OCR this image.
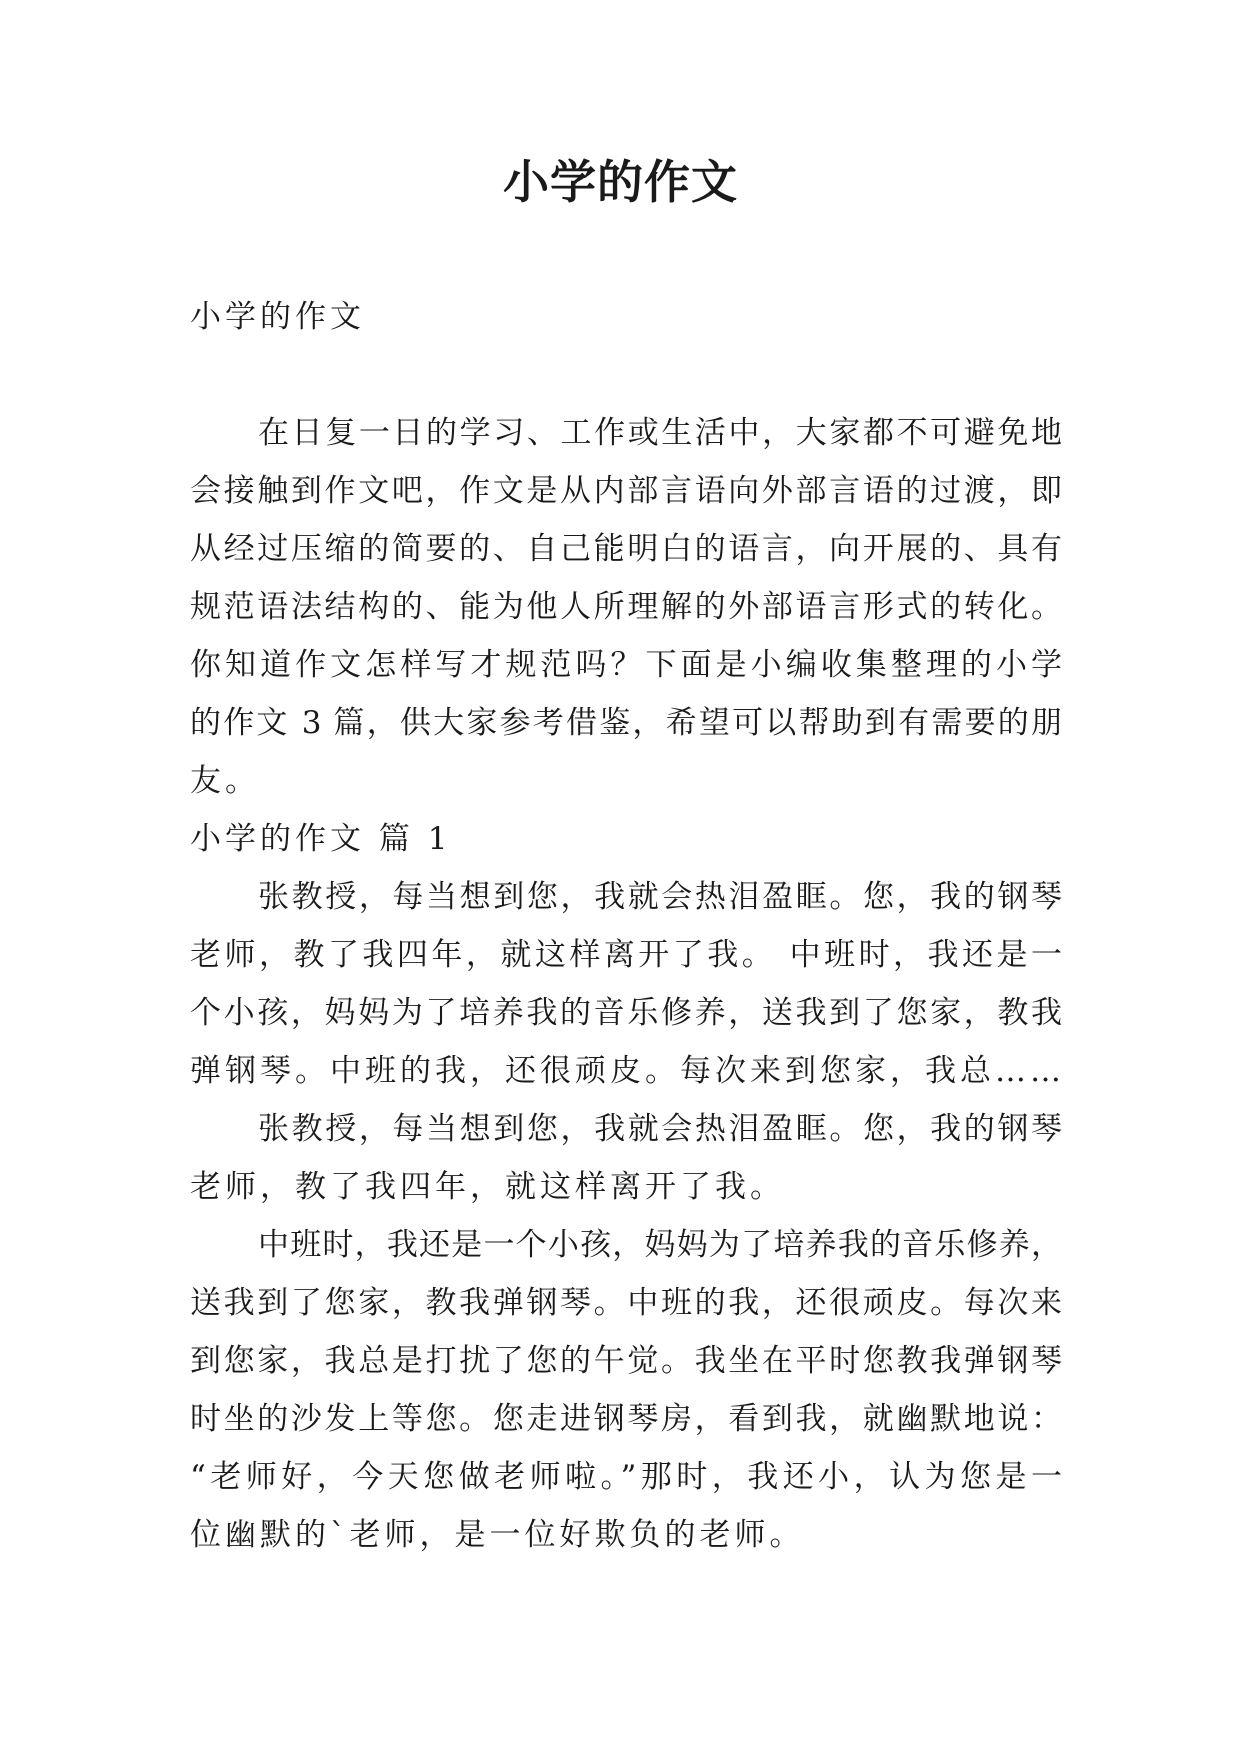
小学的作文
小学的作文
在日复一日的学习、工作或生活中，大家都不可避免地
会接触到作文吧，作文是从内部言语向外部言语的过渡，即
从经过压缩的简要的、自己能明白的语言，向开展的、具有
规范语法结构的、能为他人所理解的外部语言形式的转化。
你知道作文怎样写才规范吗？下面是小编收集整理的小学
的作文 3 篇，供大家参考借鉴，希望可以帮助到有需要的朋
友。
小学的作文 篇 1
张教授，每当想到您，我就会热泪盈眶。您，我的钢琴
老师，教了我四年，就这样离开了我。 中班时，我还是一
个小孩，妈妈为了培养我的音乐修养，送我到了您家，教我
弹钢琴。中班的我，还很顽皮。每次来到您家，我总……
张教授，每当想到您，我就会热泪盈眶。您，我的钢琴
老师，教了我四年，就这样离开了我。
中班时，我还是一个小孩，妈妈为了培养我的音乐修养，
送我到了您家，教我弹钢琴。中班的我，还很顽皮。每次来
到您家，我总是打扰了您的午觉。我坐在平时您教我弹钢琴
时坐的沙发上等您。您走进钢琴房，看到我，就幽默地说：
“老师好，今天您做老师啦。”那时，我还小，认为您是一
位幽默的`老师，是一位好欺负的老师。
